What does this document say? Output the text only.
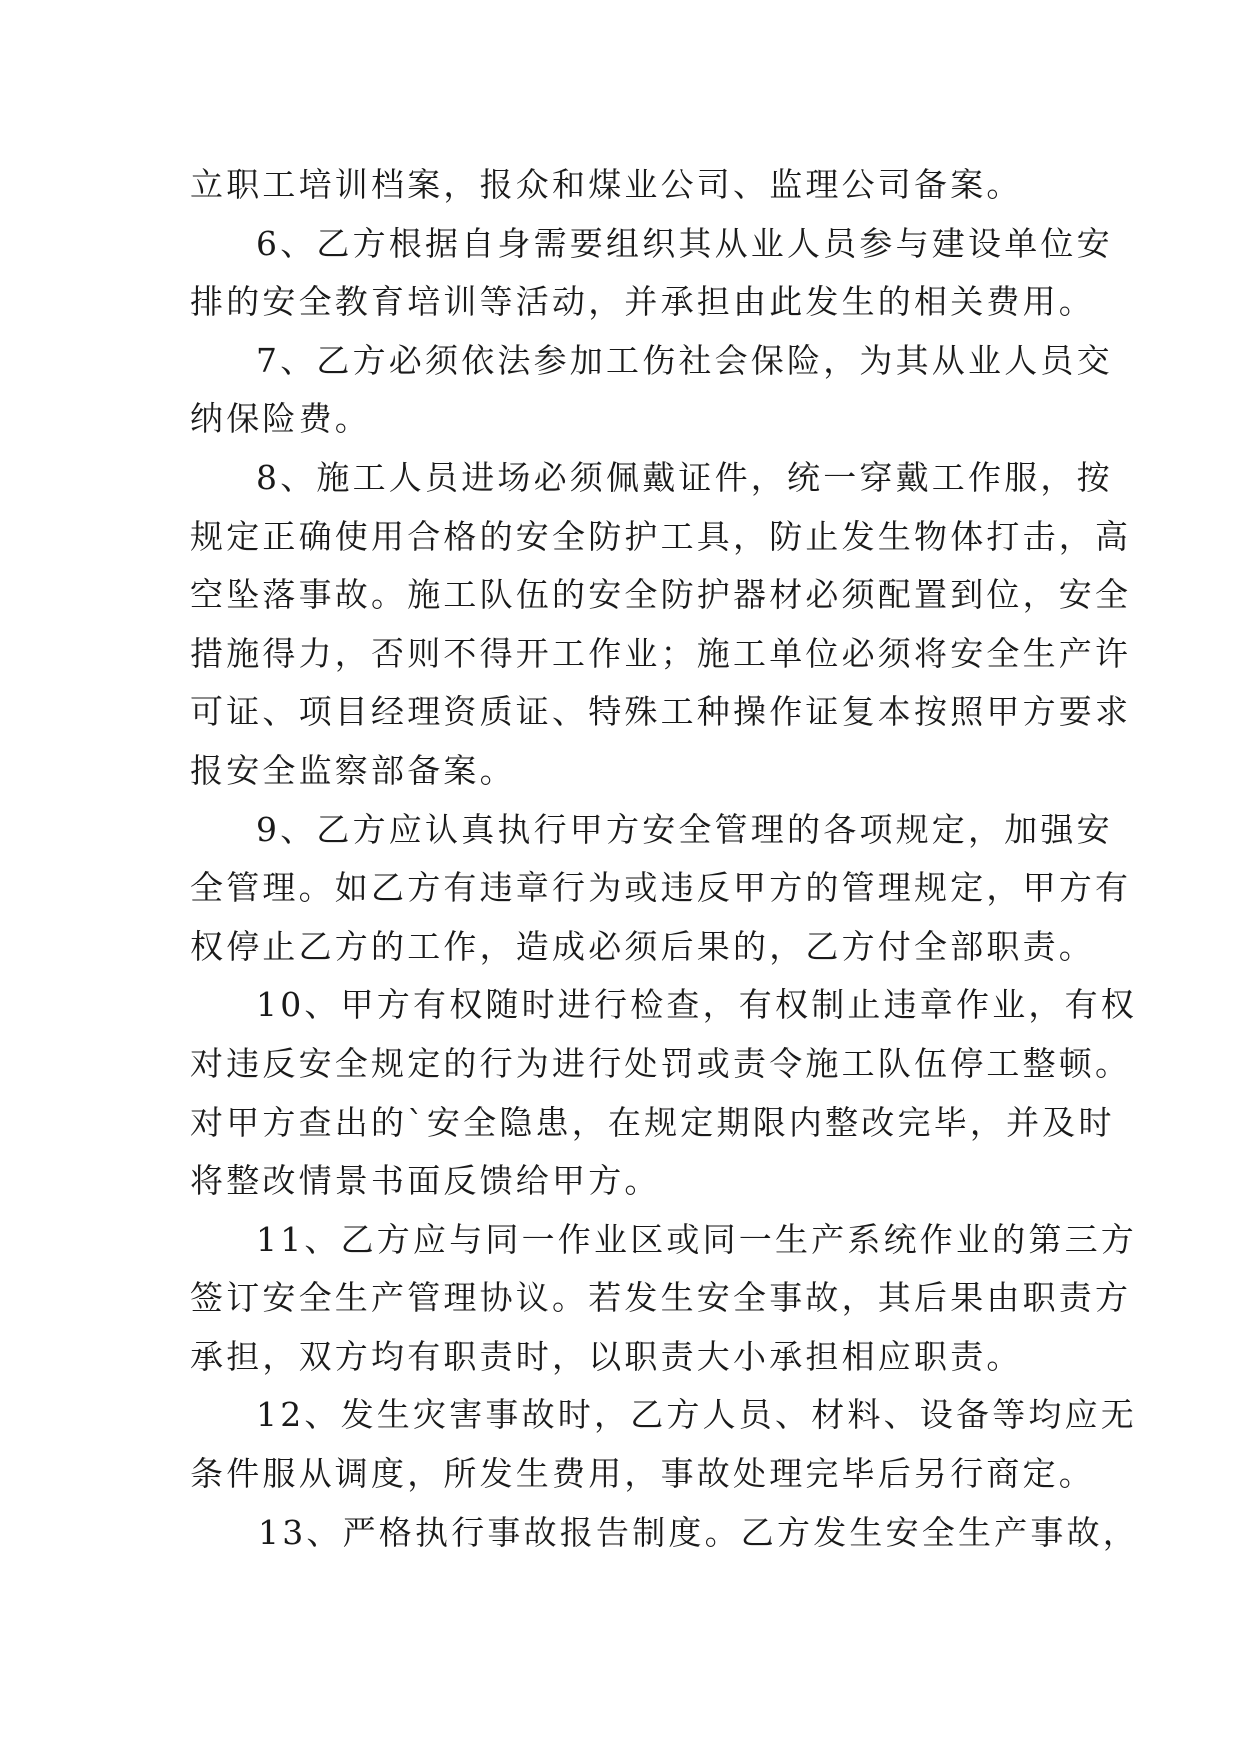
立职工培训档案，报众和煤业公司、监理公司备案。
6、乙方根据自身需要组织其从业人员参与建设单位安
排的安全教育培训等活动，并承担由此发生的相关费用。
7、乙方必须依法参加工伤社会保险，为其从业人员交
纳保险费。
8、施工人员进场必须佩戴证件，统一穿戴工作服，按
规定正确使用合格的安全防护工具，防止发生物体打击，高
空坠落事故。施工队伍的安全防护器材必须配置到位，安全
措施得力，否则不得开工作业；施工单位必须将安全生产许
可证、项目经理资质证、特殊工种操作证复本按照甲方要求
报安全监察部备案。
9、乙方应认真执行甲方安全管理的各项规定，加强安
全管理。如乙方有违章行为或违反甲方的管理规定，甲方有
权停止乙方的工作，造成必须后果的，乙方付全部职责。
10、甲方有权随时进行检查，有权制止违章作业，有权
对违反安全规定的行为进行处罚或责令施工队伍停工整顿。
对甲方查出的`安全隐患，在规定期限内整改完毕，并及时
将整改情景书面反馈给甲方。
11、乙方应与同一作业区或同一生产系统作业的第三方
签订安全生产管理协议。若发生安全事故，其后果由职责方
承担，双方均有职责时，以职责大小承担相应职责。
12、发生灾害事故时，乙方人员、材料、设备等均应无
条件服从调度，所发生费用，事故处理完毕后另行商定。
13、严格执行事故报告制度。乙方发生安全生产事故，
